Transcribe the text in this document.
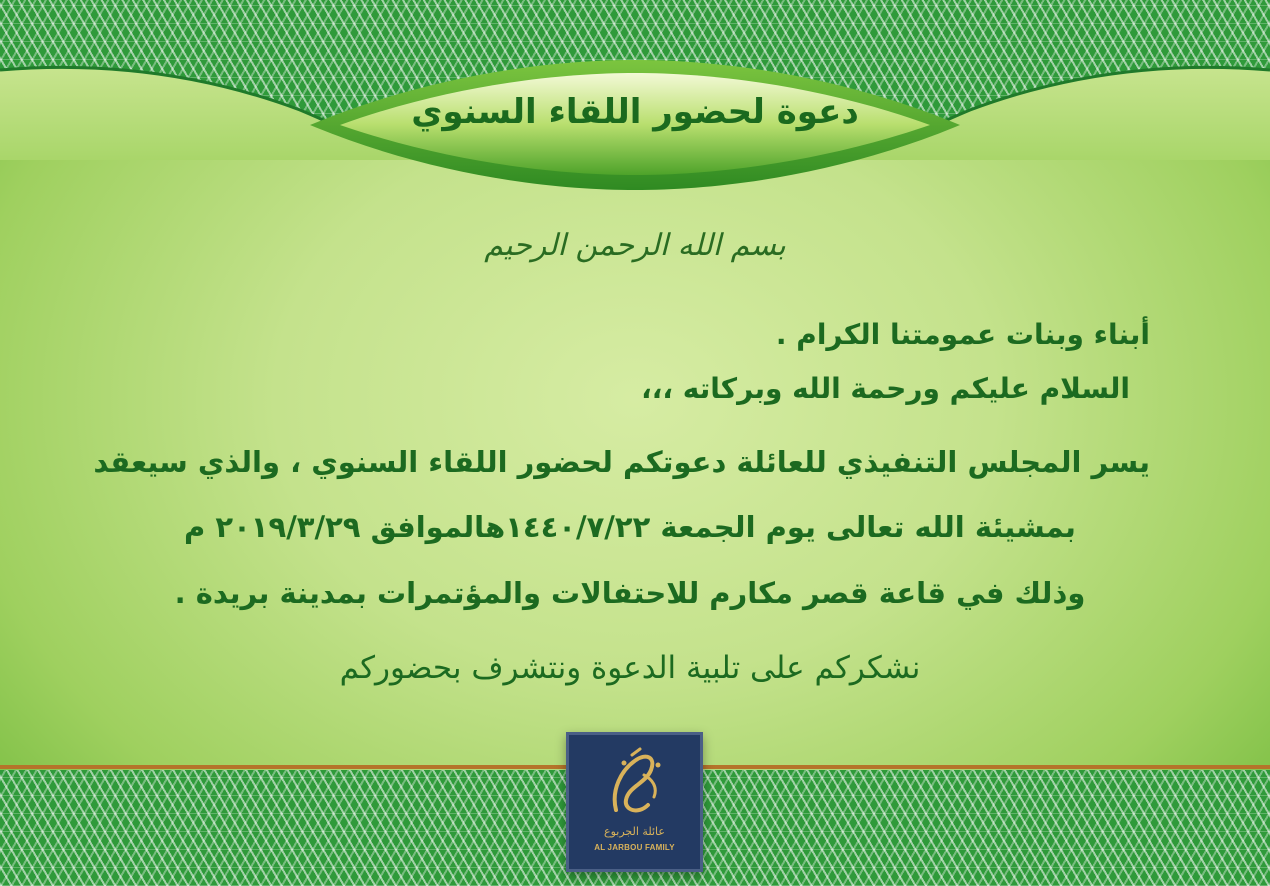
دعوة لحضور اللقاء السنوي
بسم الله الرحمن الرحيم
أبناء وبنات عمومتنا الكرام .
السلام عليكم ورحمة الله وبركاته ،،،
يسر المجلس التنفيذي للعائلة دعوتكم لحضور اللقاء السنوي ، والذي سيعقد
بمشيئة الله تعالى يوم الجمعة ١٤٤٠/٧/٢٢هالموافق ٢٠١٩/٣/٢٩ م
وذلك في قاعة قصر مكارم للاحتفالات والمؤتمرات بمدينة بريدة .
نشكركم على تلبية الدعوة ونتشرف بحضوركم
عائلة الجربوع
AL JARBOU FAMILY
